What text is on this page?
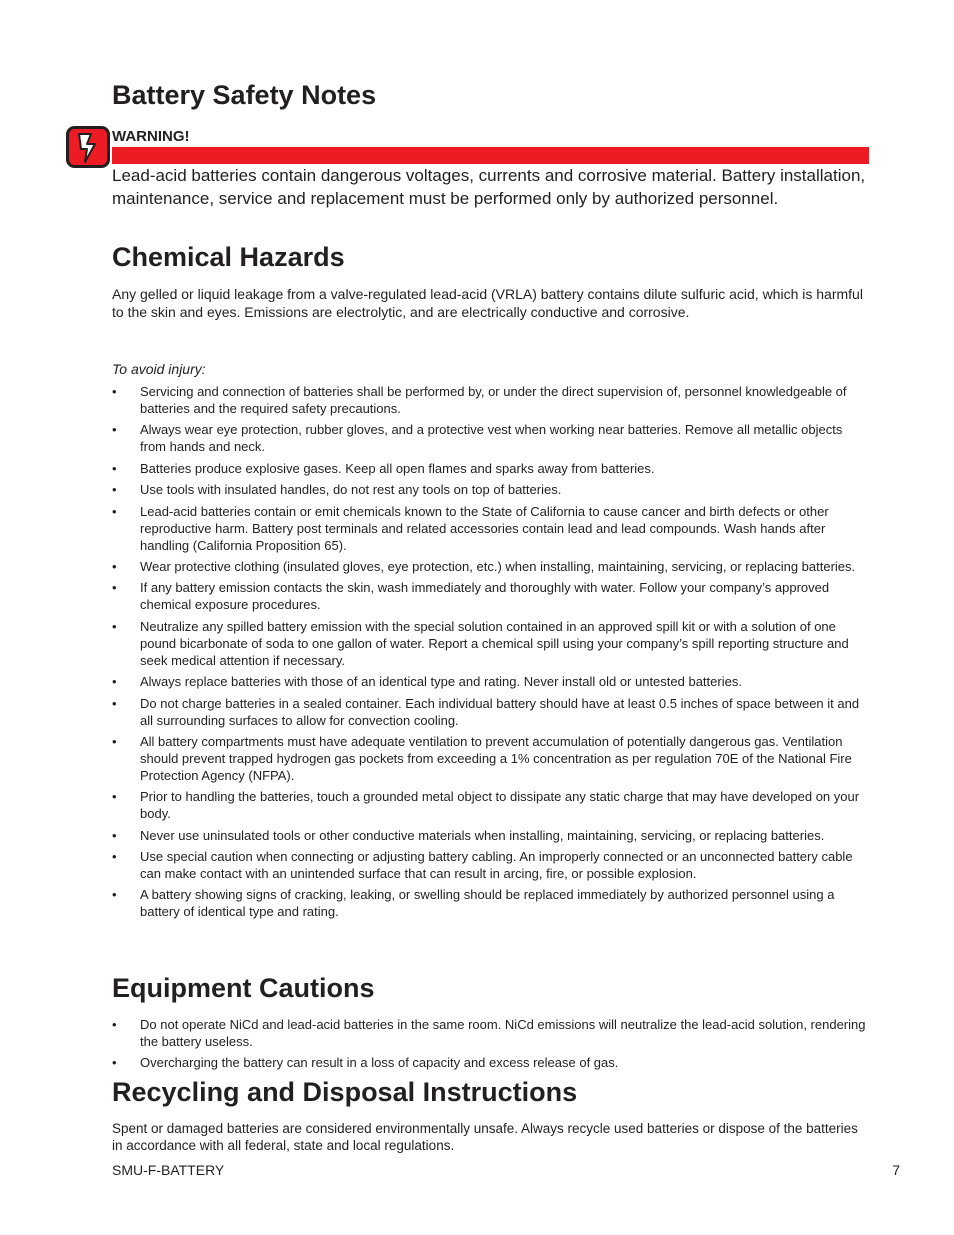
Battery Safety Notes
WARNING!
Lead-acid batteries contain dangerous voltages, currents and corrosive material. Battery installation, maintenance, service and replacement must be performed only by authorized personnel.
Chemical Hazards
Any gelled or liquid leakage from a valve-regulated lead-acid (VRLA) battery contains dilute sulfuric acid, which is harmful to the skin and eyes. Emissions are electrolytic, and are electrically conductive and corrosive.
To avoid injury:
•	Servicing and connection of batteries shall be performed by, or under the direct supervision of, personnel knowledgeable of batteries and the required safety precautions.
•	Always wear eye protection, rubber gloves, and a protective vest when working near batteries. Remove all metallic objects from hands and neck.
•	Batteries produce explosive gases. Keep all open flames and sparks away from batteries.
•	Use tools with insulated handles, do not rest any tools on top of batteries.
•	Lead-acid batteries contain or emit chemicals known to the State of California to cause cancer and birth defects or other reproductive harm. Battery post terminals and related accessories contain lead and lead compounds. Wash hands after handling (California Proposition 65).
•	Wear protective clothing (insulated gloves, eye protection, etc.) when installing, maintaining, servicing, or replacing batteries.
•	If any battery emission contacts the skin, wash immediately and thoroughly with water. Follow your company’s approved chemical exposure procedures.
•	Neutralize any spilled battery emission with the special solution contained in an approved spill kit or with a solution of one pound bicarbonate of soda to one gallon of water. Report a chemical spill using your company’s spill reporting structure and seek medical attention if necessary.
•	Always replace batteries with those of an identical type and rating. Never install old or untested batteries.
•	Do not charge batteries in a sealed container. Each individual battery should have at least 0.5 inches of space between it and all surrounding surfaces to allow for convection cooling.
•	All battery compartments must have adequate ventilation to prevent accumulation of potentially dangerous gas. Ventilation should prevent trapped hydrogen gas pockets from exceeding a 1% concentration as per regulation 70E of the National Fire Protection Agency (NFPA).
•	Prior to handling the batteries, touch a grounded metal object to dissipate any static charge that may have developed on your body.
•	Never use uninsulated tools or other conductive materials when installing, maintaining, servicing, or replacing batteries.
•	Use special caution when connecting or adjusting battery cabling. An improperly connected or an unconnected battery cable can make contact with an unintended surface that can result in arcing, fire, or possible explosion.
•	A battery showing signs of cracking, leaking, or swelling should be replaced immediately by authorized personnel using a battery of identical type and rating.
Equipment Cautions
•	Do not operate NiCd and lead-acid batteries in the same room. NiCd emissions will neutralize the lead-acid solution, rendering the battery useless.
•	Overcharging the battery can result in a loss of capacity and excess release of gas.
Recycling and Disposal Instructions
Spent or damaged batteries are considered environmentally unsafe. Always recycle used batteries or dispose of the batteries in accordance with all federal, state and local regulations.
SMU-F-BATTERY	7
